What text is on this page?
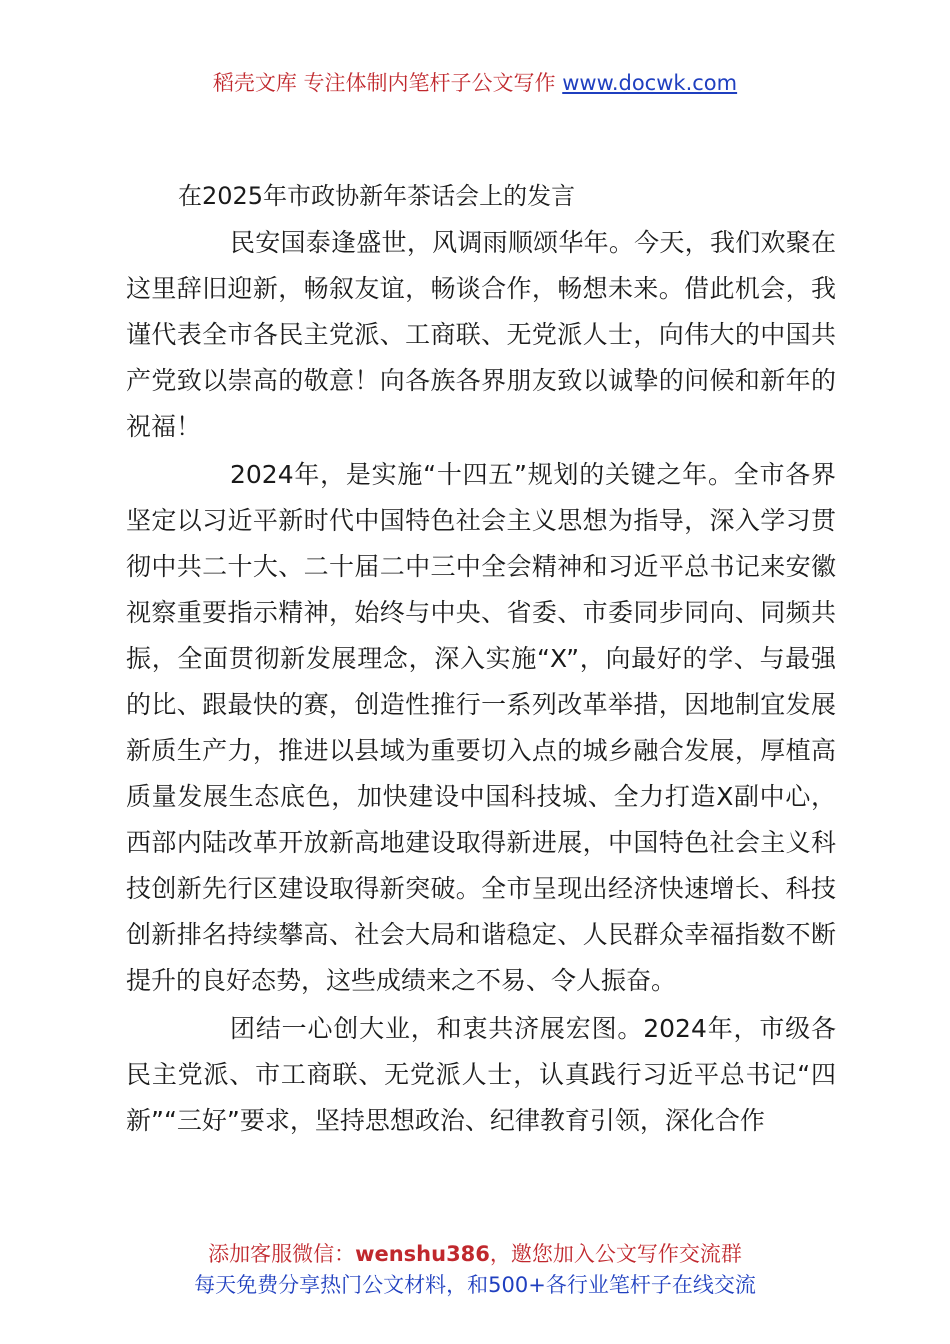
稻壳文库 专注体制内笔杆子公文写作 www.docwk.com
在2025年市政协新年茶话会上的发言

民安国泰逢盛世，风调雨顺颂华年。今天，我们欢聚在这里辞旧迎新，畅叙友谊，畅谈合作，畅想未来。借此机会，我谨代表全市各民主党派、工商联、无党派人士，向伟大的中国共产党致以崇高的敬意！向各族各界朋友致以诚挚的问候和新年的祝福！

2024年，是实施“十四五”规划的关键之年。全市各界坚定以习近平新时代中国特色社会主义思想为指导，深入学习贯彻中共二十大、二十届二中三中全会精神和习近平总书记来安徽视察重要指示精神，始终与中央、省委、市委同步同向、同频共振，全面贯彻新发展理念，深入实施“X”，向最好的学、与最强的比、跟最快的赛，创造性推行一系列改革举措，因地制宜发展新质生产力，推进以县域为重要切入点的城乡融合发展，厚植高质量发展生态底色，加快建设中国科技城、全力打造X副中心，西部内陆改革开放新高地建设取得新进展，中国特色社会主义科技创新先行区建设取得新突破。全市呈现出经济快速增长、科技创新排名持续攀高、社会大局和谐稳定、人民群众幸福指数不断提升的良好态势，这些成绩来之不易、令人振奋。

团结一心创大业，和衷共济展宏图。2024年，市级各民主党派、市工商联、无党派人士，认真践行习近平总书记“四新”“三好”要求，坚持思想政治、纪律教育引领，深化合作

添加客服微信：wenshu386，邀您加入公文写作交流群
每天免费分享热门公文材料，和500+各行业笔杆子在线交流
